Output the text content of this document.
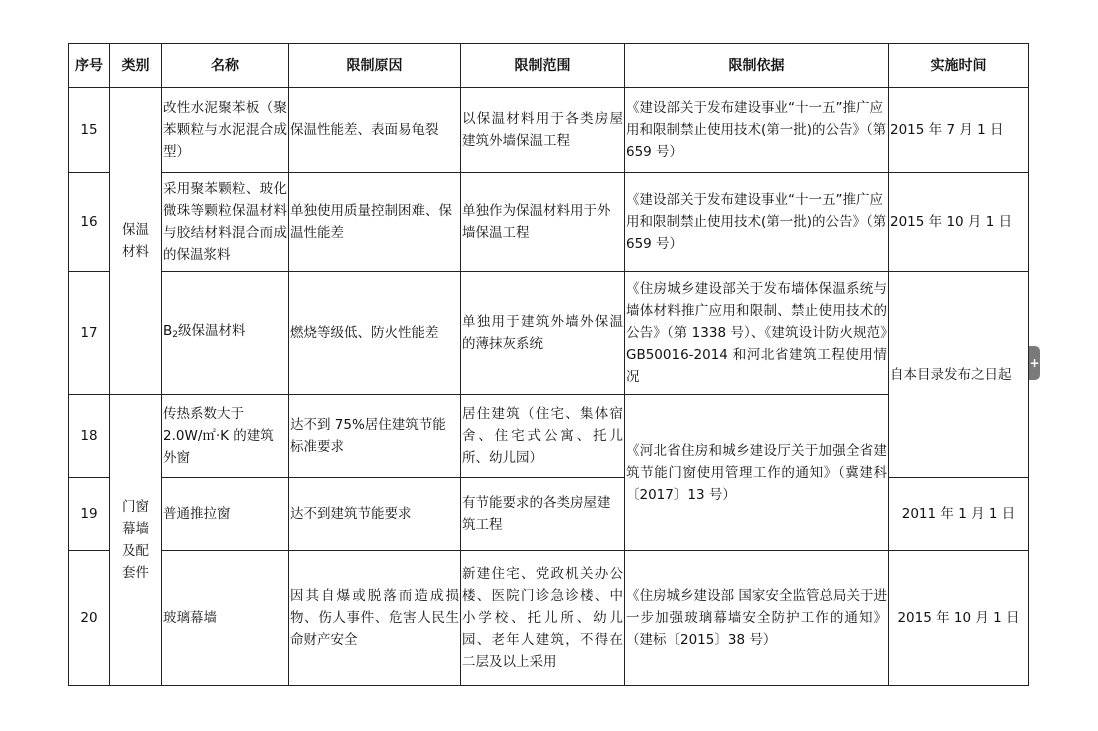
序号	类别	名称	限制原因	限制范围	限制依据	实施时间
15	保温材料	改性水泥聚苯板（聚苯颗粒与水泥混合成型）	保温性能差、表面易龟裂	以保温材料用于各类房屋建筑外墙保温工程	《建设部关于发布建设事业“十一五”推广应用和限制禁止使用技术(第一批)的公告》（第 659 号）	2015 年 7 月 1 日
16		采用聚苯颗粒、玻化微珠等颗粒保温材料与胶结材料混合而成的保温浆料	单独使用质量控制困难、保温性能差	单独作为保温材料用于外墙保温工程	《建设部关于发布建设事业“十一五”推广应用和限制禁止使用技术(第一批)的公告》（第 659 号）	2015 年 10 月 1 日
17		$B_2$级保温材料	燃烧等级低、防火性能差	单独用于建筑外墙外保温的薄抹灰系统	《住房城乡建设部关于发布墙体保温系统与墙体材料推广应用和限制、禁止使用技术的公告》（第 1338 号）、《建筑设计防火规范》GB50016-2014 和河北省建筑工程使用情况	自本目录发布之日起
18	门窗幕墙及配套件	传热系数大于 2.0W/㎡·K 的建筑外窗	达不到 75%居住建筑节能标准要求	居住建筑（住宅、集体宿舍、住宅式公寓、托儿所、幼儿园）	《河北省住房和城乡建设厅关于加强全省建筑节能门窗使用管理工作的通知》（冀建科〔2017〕13 号）	
19		普通推拉窗	达不到建筑节能要求	有节能要求的各类房屋建筑工程		2011 年 1 月 1 日
20		玻璃幕墙	因其自爆或脱落而造成损物、伤人事件、危害人民生命财产安全	新建住宅、党政机关办公楼、医院门诊急诊楼、中小学校、托儿所、幼儿园、老年人建筑，不得在二层及以上采用	《住房城乡建设部 国家安全监管总局关于进一步加强玻璃幕墙安全防护工作的通知》（建标〔2015〕38 号）	2015 年 10 月 1 日
+
